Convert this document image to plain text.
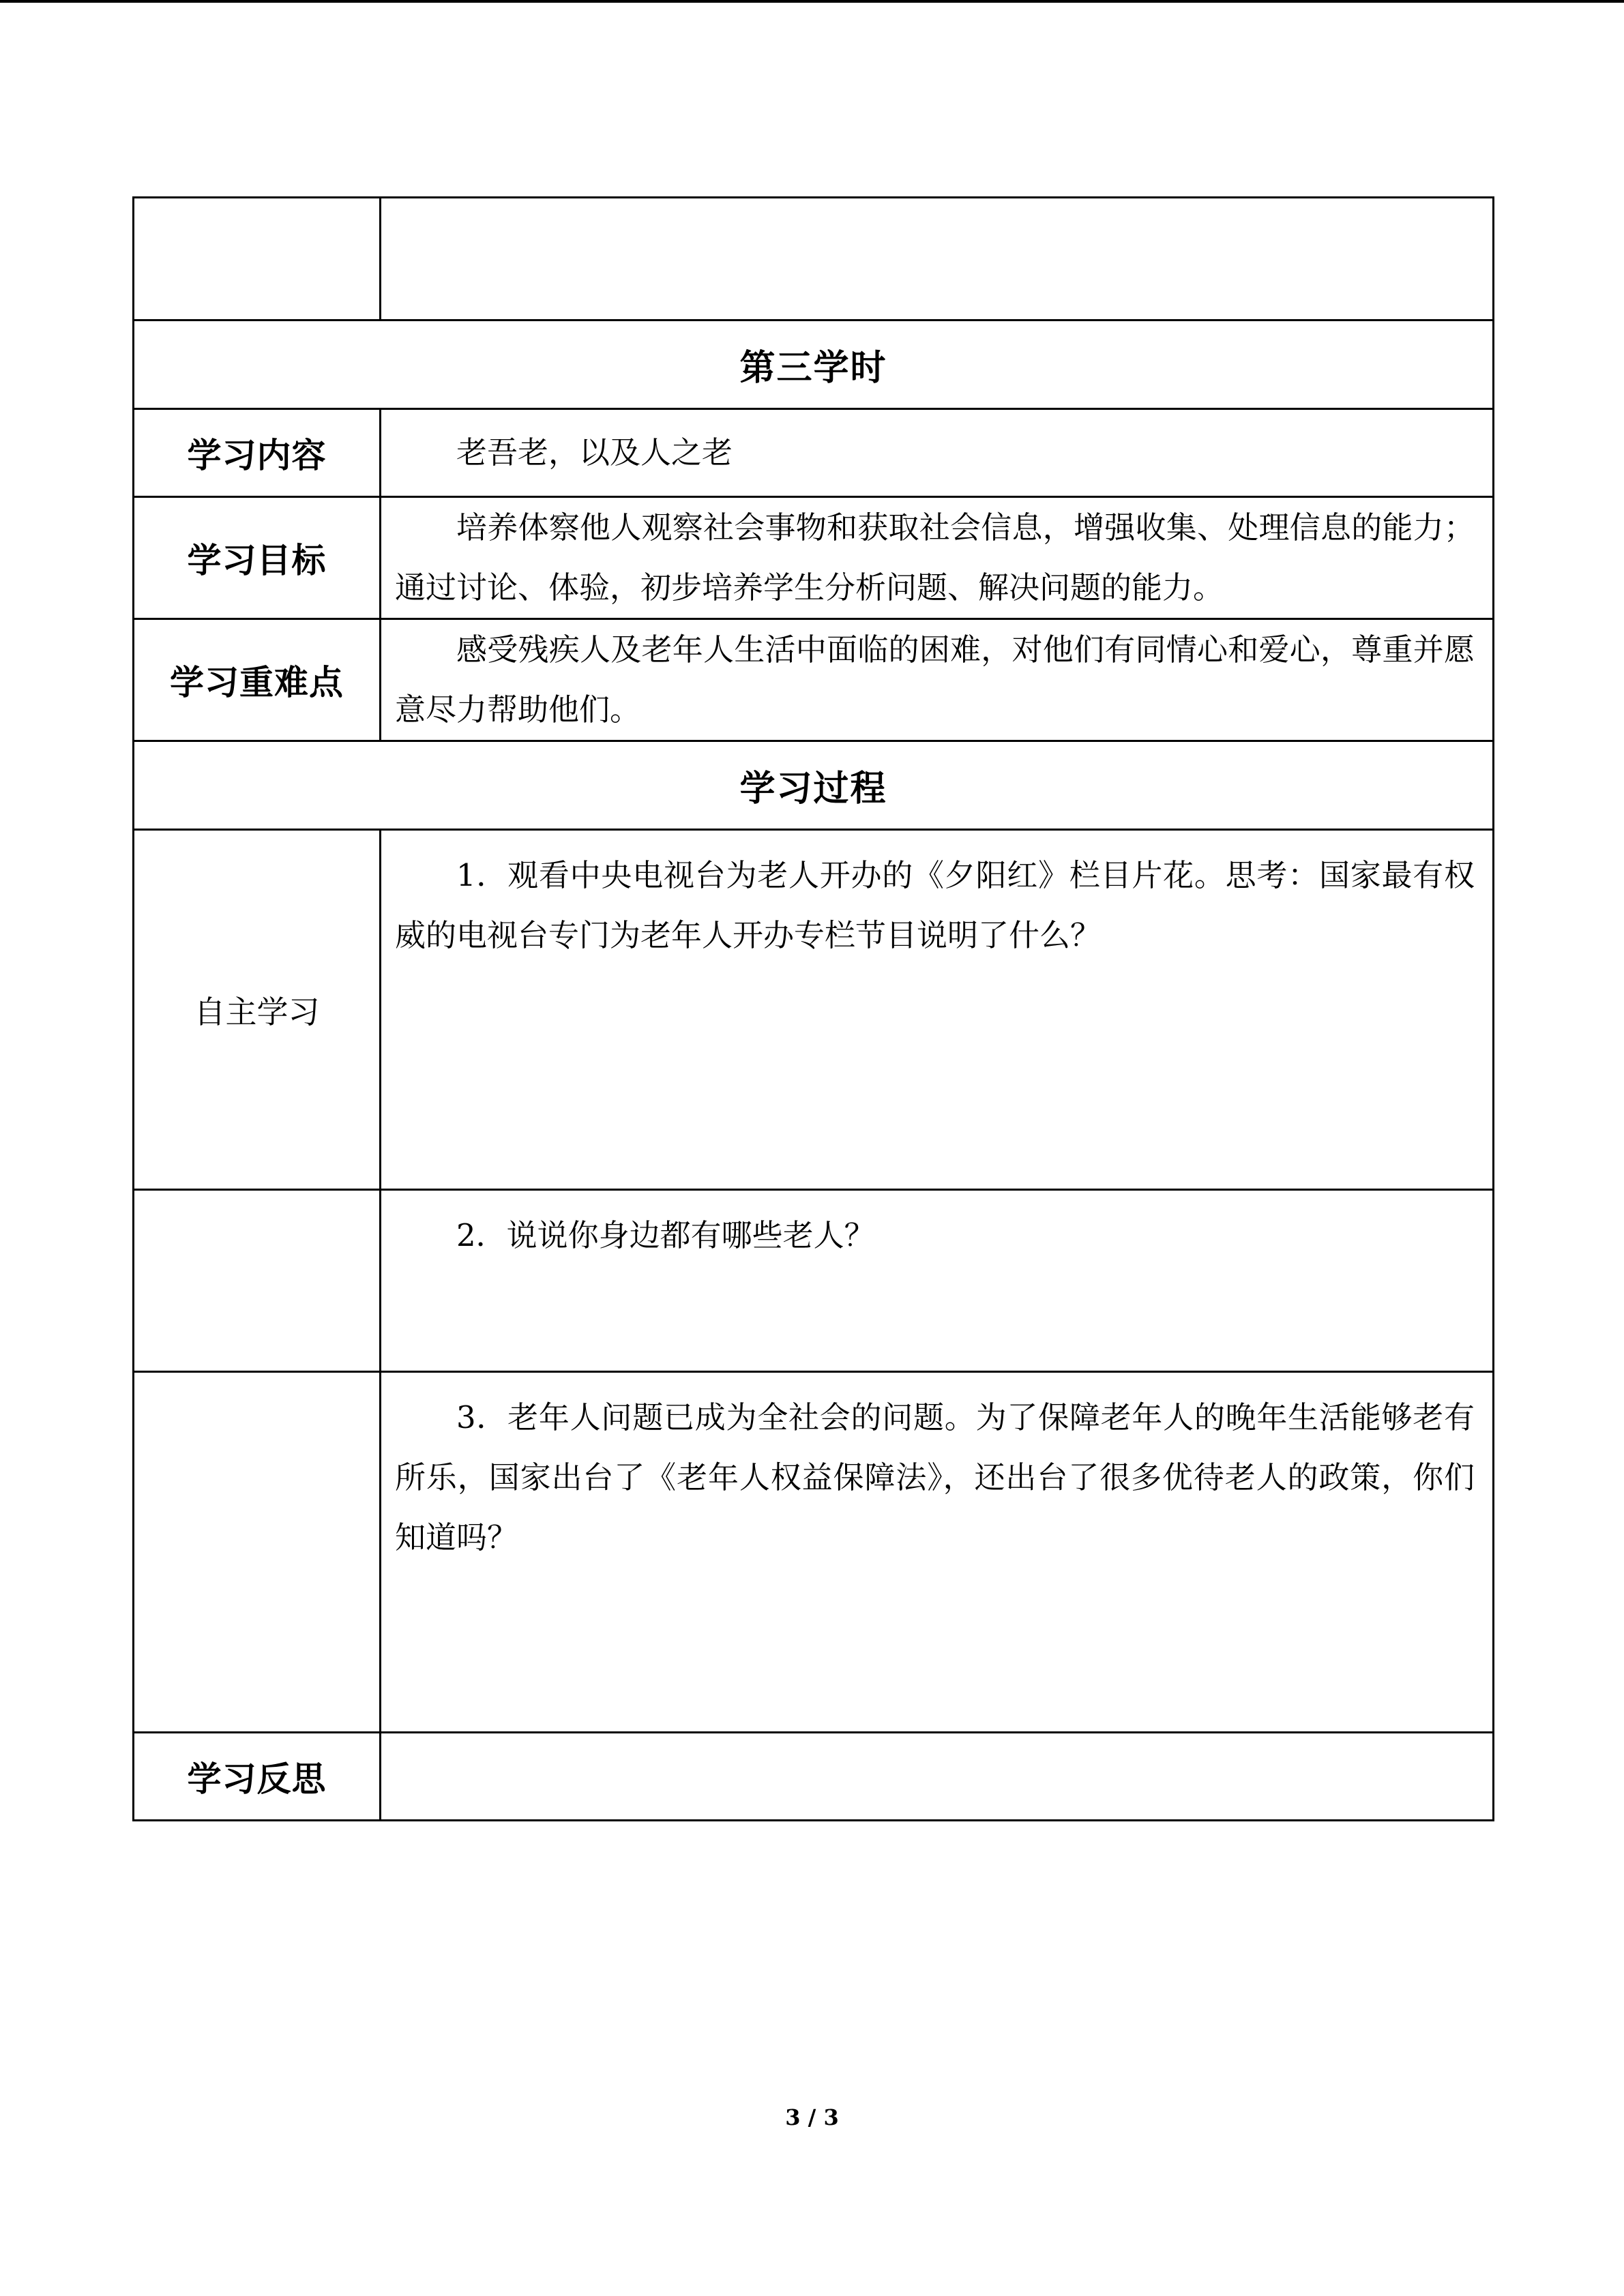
第三学时	
学习内容	老吾老，以及人之老

学习目标	培养体察他人观察社会事物和获取社会信息，增强收集、处理信息的能力；通过讨论、体验，初步培养学生分析问题、解决问题的能力。

学习重难点	感受残疾人及老年人生活中面临的困难，对他们有同情心和爱心，尊重并愿意尽力帮助他们。

学习过程	
自主学习	1．观看中央电视台为老人开办的《夕阳红》栏目片花。思考：国家最有权威的电视台专门为老年人开办专栏节目说明了什么？

	2．说说你身边都有哪些老人？

	3．老年人问题已成为全社会的问题。为了保障老年人的晚年生活能够老有所乐，国家出台了《老年人权益保障法》，还出台了很多优待老人的政策，你们知道吗？

学习反思	
3 / 3
